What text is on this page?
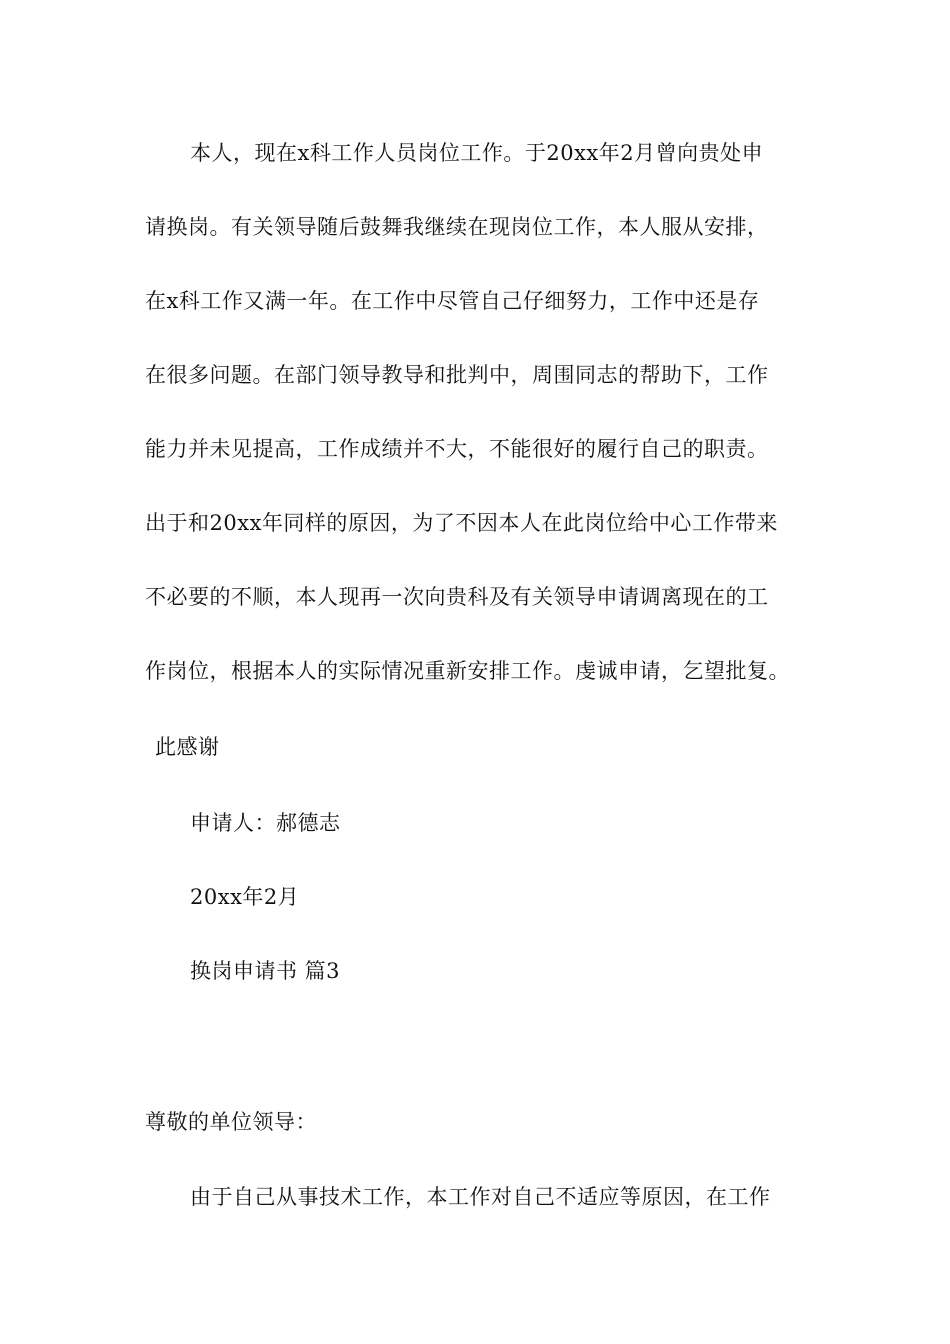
本人，现在x科工作人员岗位工作。于20xx年2月曾向贵处申
请换岗。有关领导随后鼓舞我继续在现岗位工作，本人服从安排，
在x科工作又满一年。在工作中尽管自己仔细努力，工作中还是存
在很多问题。在部门领导教导和批判中，周围同志的帮助下，工作
能力并未见提高，工作成绩并不大，不能很好的履行自己的职责。
出于和20xx年同样的原因，为了不因本人在此岗位给中心工作带来
不必要的不顺，本人现再一次向贵科及有关领导申请调离现在的工
作岗位，根据本人的实际情况重新安排工作。虔诚申请，乞望批复。
此感谢
申请人：郝德志
20xx年2月
换岗申请书 篇3
尊敬的单位领导：
由于自己从事技术工作，本工作对自己不适应等原因，在工作
